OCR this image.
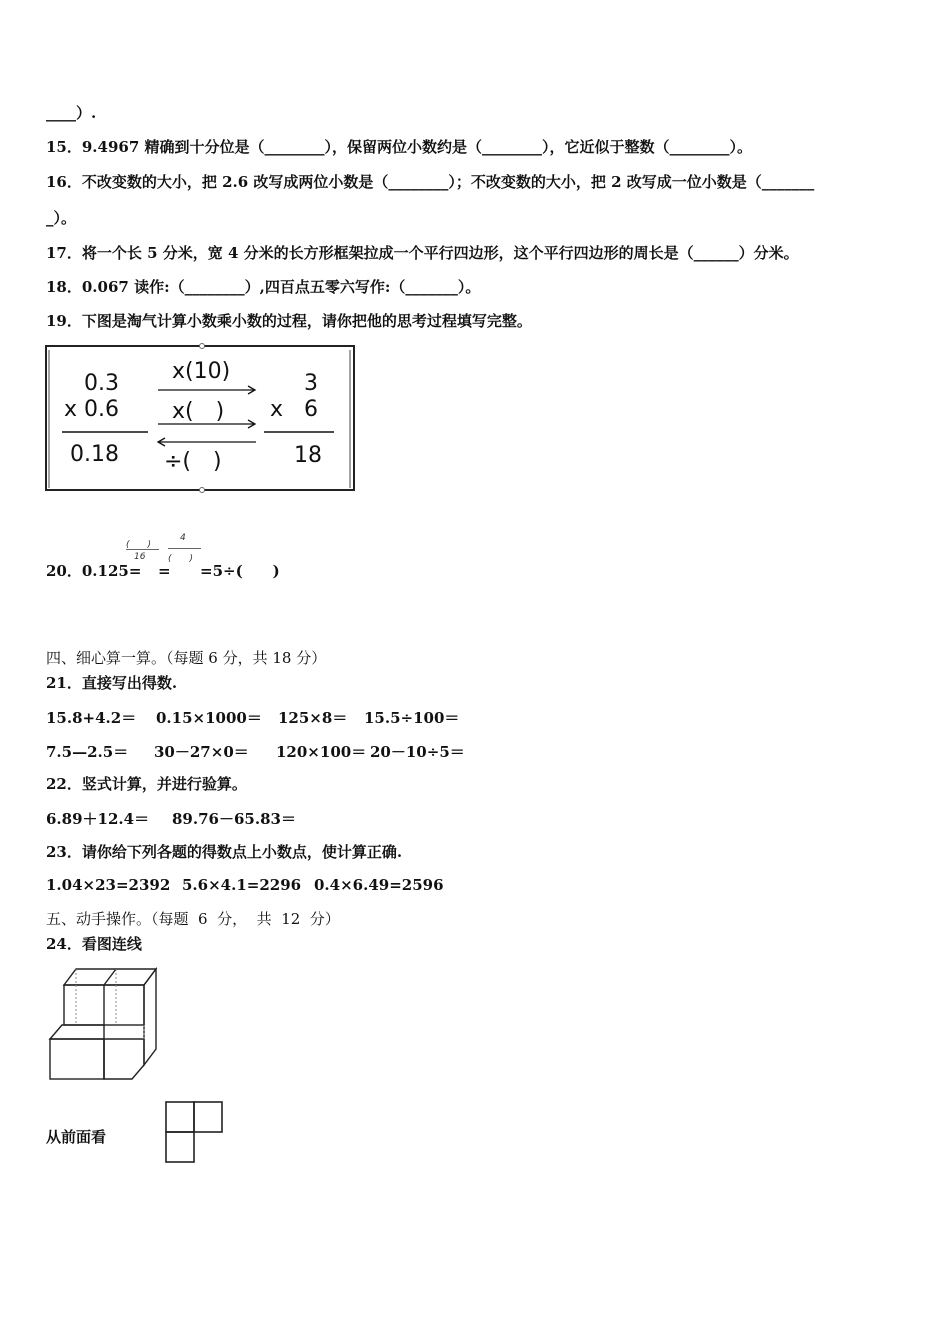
____）.
15．9.4967 精确到十分位是（________），保留两位小数约是（________），它近似于整数（________）。
16．不改变数的大小，把 2.6 改写成两位小数是（________）；不改变数的大小，把 2 改写成一位小数是（_______
_）。
17．将一个长 5 分米，宽 4 分米的长方形框架拉成一个平行四边形，这个平行四边形的周长是（______）分米。
18．0.067 读作:（________）,四百点五零六写作:（_______）。
19．下图是淘气计算小数乘小数的过程，请你把他的思考过程填写完整。
0.3
x 0.6
0.18
x(10)
x(　)
÷(　)
x
3
6
18
20．0.125=
(　　)
16
=
4
(　　)
=5÷(　　)
四、细心算一算。（每题 6 分，共 18 分）
21．直接写出得数.

15.8+4.2＝

0.15×1000＝

125×8＝

15.5÷100＝

7.5—2.5＝

30－27×0＝

120×100＝

20－10÷5＝

22．竖式计算，并进行验算。

6.89＋12.4＝

89.76－65.83＝

23．请你给下列各题的得数点上小数点，使计算正确.

1.04×23=2392

5.6×4.1=2296

0.4×6.49=2596

五、动手操作。（每题  6  分，  共  12  分）
24．看图连线
从前面看
